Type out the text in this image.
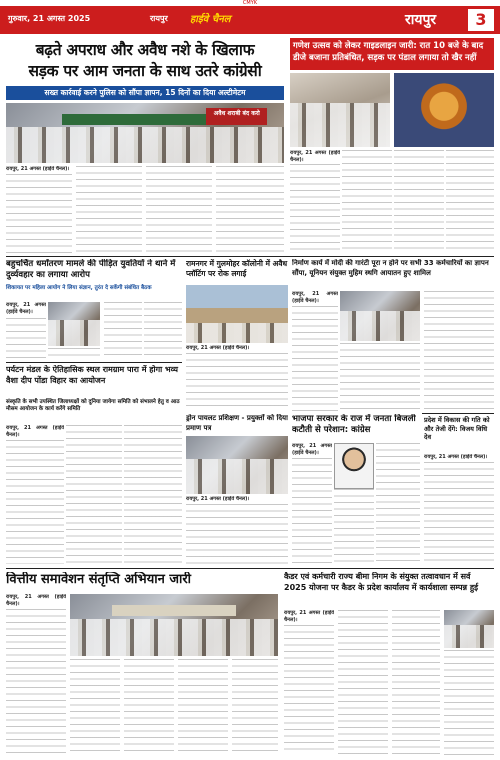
CMYK
गुरुवार, 21 अगस्त 2025	रायपुर हाईवे चैनल	रायपुर	3
बढ़ते अपराध और अवैध नशे के खिलाफ
सड़क पर आम जनता के साथ उतरे कांग्रेसी
सख्त कार्रवाई करने पुलिस को सौंपा ज्ञापन, 15 दिनों का दिया अल्टीमेटम
अवैध शराबी बंद करो
रायपुर, 21 अगस्त (हाईवे चैनल)।
गणेश उत्सव को लेकर गाइडलाइन जारी: रात 10 बजे के बाद डीजे बजाना प्रतिबंधित, सड़क पर पंडाल लगाया तो खैर नहीं
रायपुर, 21 अगस्त (हाईवे चैनल)।
बहुचर्चित धर्मांतरण मामले की पीड़ित युवतियों ने थाने में दुर्व्यवहार का लगाया आरोप
शिकायत पर महिला आयोग ने लिया संज्ञान, तुरंत दे सकेंगी संबंधित बैठक
रायपुर, 21 अगस्त (हाईवे चैनल)।
रामनगर में गुलमोहर कॉलोनी में अवैध प्लॉटिंग पर रोक लगाई
रायपुर, 21 अगस्त (हाईवे चैनल)।
निर्माण कार्य में मोदी की गारंटी पूरा न होने पर सभी 33 कर्मचारियों का ज्ञापन सौंपा, यूनियन संयुक्त मुहिम स्थगि आयातन हुए शामिल
रायपुर, 21 अगस्त (हाईवे चैनल)।
पर्यटन मंडल के ऐतिहासिक स्थल रामग्राम पारा में होगा भव्य वैशा दीप पोंडा विहार का आयोजन
संस्कृति के सभी उपस्थित जिलाध्यक्षों को दुनिया जायेगा समिति को संभालने हेतु व आठ मौसम आयोजन के कार्य करेंगे समिति
रायपुर, 21 अगस्त (हाईवे चैनल)।
ड्रोन पायलट प्रशिक्षण - प्रयुक्तों को दिया प्रमाण पत्र
रायपुर, 21 अगस्त (हाईवे चैनल)।
भाजपा सरकार के राज में जनता बिजली कटौती से परेशान: कांग्रेस
रायपुर, 21 अगस्त (हाईवे चैनल)।
प्रदेश में विकास की गति को और तेजी देंगे: विजय विधि देव
रायपुर, 21 अगस्त (हाईवे चैनल)।
वित्तीय समावेशन संतृप्ति अभियान जारी
रायपुर, 21 अगस्त (हाईवे चैनल)।
कैडर एवं कर्मचारी राज्य बीमा निगम के संयुक्त तत्वावधान में सर्व 2025 योजना पर कैडर के प्रदेश कार्यालय में कार्यशाला सम्पन्न हुई
रायपुर, 21 अगस्त (हाईवे चैनल)।
